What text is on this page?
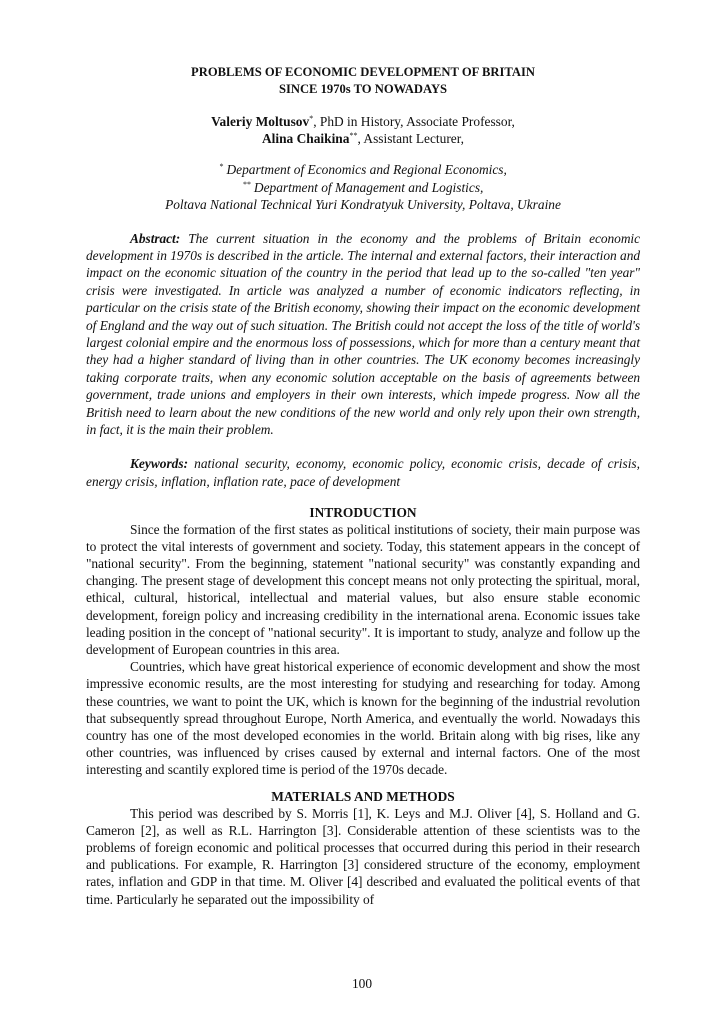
PROBLEMS OF ECONOMIC DEVELOPMENT OF BRITAIN
SINCE 1970s TO NOWADAYS

Valeriy Moltusov*, PhD in History, Associate Professor,
Alina Chaikina**, Assistant Lecturer,
* Department of Economics and Regional Economics,
** Department of Management and Logistics,
Poltava National Technical Yuri Kondratyuk University, Poltava, Ukraine

Abstract: The current situation in the economy and the problems of Britain economic development in 1970s is described in the article. The internal and external factors, their interaction and impact on the economic situation of the country in the period that lead up to the so-called "ten year" crisis were investigated. In article was analyzed a number of economic indicators reflecting, in particular on the crisis state of the British economy, showing their impact on the economic development of England and the way out of such situation. The British could not accept the loss of the title of world's largest colonial empire and the enormous loss of possessions, which for more than a century meant that they had a higher standard of living than in other countries. The UK economy becomes increasingly taking corporate traits, when any economic solution acceptable on the basis of agreements between government, trade unions and employers in their own interests, which impede progress. Now all the British need to learn about the new conditions of the new world and only rely upon their own strength, in fact, it is the main their problem.

Keywords: national security, economy, economic policy, economic crisis, decade of crisis, energy crisis, inflation, inflation rate, pace of development

INTRODUCTION

Since the formation of the first states as political institutions of society, their main purpose was to protect the vital interests of government and society. Today, this statement appears in the concept of "national security". From the beginning, statement "national security" was constantly expanding and changing. The present stage of development this concept means not only protecting the spiritual, moral, ethical, cultural, historical, intellectual and material values, but also ensure stable economic development, foreign policy and increasing credibility in the international arena. Economic issues take leading position in the concept of "national security". It is important to study, analyze and follow up the development of European countries in this area.

Countries, which have great historical experience of economic development and show the most impressive economic results, are the most interesting for studying and researching for today. Among these countries, we want to point the UK, which is known for the beginning of the industrial revolution that subsequently spread throughout Europe, North America, and eventually the world. Nowadays this country has one of the most developed economies in the world. Britain along with big rises, like any other countries, was influenced by crises caused by external and internal factors. One of the most interesting and scantily explored time is period of the 1970s decade.

MATERIALS AND METHODS

This period was described by S. Morris [1], K. Leys and M.J. Oliver [4], S. Holland and G. Cameron [2], as well as R.L. Harrington [3]. Considerable attention of these scientists was to the problems of foreign economic and political processes that occurred during this period in their research and publications. For example, R. Harrington [3] considered structure of the economy, employment rates, inflation and GDP in that time. M. Oliver [4] described and evaluated the political events of that time. Particularly he separated out the impossibility of

100
